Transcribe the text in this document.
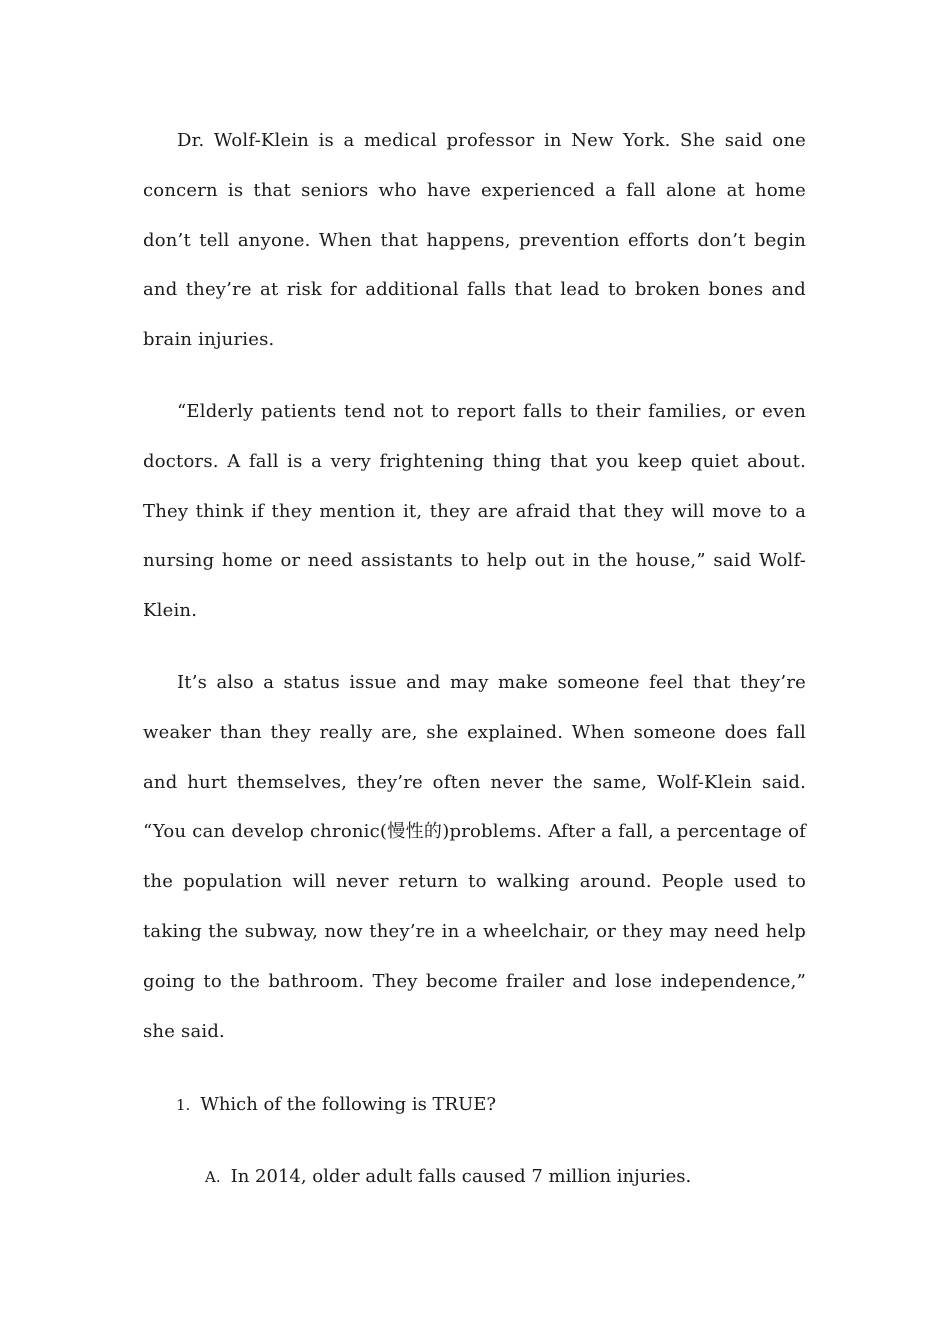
Dr. Wolf-Klein is a medical professor in New York. She said one concern is that seniors who have experienced a fall alone at home don’t tell anyone. When that happens, prevention efforts don’t begin and they’re at risk for additional falls that lead to broken bones and brain injuries.

“Elderly patients tend not to report falls to their families, or even doctors. A fall is a very frightening thing that you keep quiet about. They think if they mention it, they are afraid that they will move to a nursing home or need assistants to help out in the house,” said Wolf-Klein.

It’s also a status issue and may make someone feel that they’re weaker than they really are, she explained. When someone does fall and hurt themselves, they’re often never the same, Wolf-Klein said. “You can develop chronic(慢性的)problems. After a fall, a percentage of the population will never return to walking around. People used to taking the subway, now they’re in a wheelchair, or they may need help going to the bathroom. They become frailer and lose independence,” she said.

1. Which of the following is TRUE?

A. In 2014, older adult falls caused 7 million injuries.
